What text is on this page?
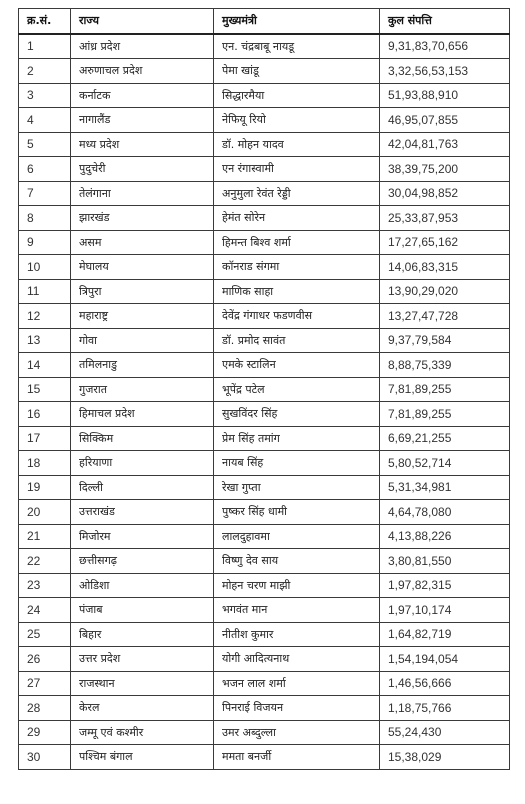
क्र.सं.	राज्य	मुख्यमंत्री	कुल संपत्ति
1	आंध्र प्रदेश	एन. चंद्रबाबू नायडू	9,31,83,70,656
2	अरुणाचल प्रदेश	पेमा खांडू	3,32,56,53,153
3	कर्नाटक	सिद्धारमैया	51,93,88,910
4	नागालैंड	नेफियू रियो	46,95,07,855
5	मध्य प्रदेश	डॉ. मोहन यादव	42,04,81,763
6	पुदुचेरी	एन रंगास्वामी	38,39,75,200
7	तेलंगाना	अनुमुला रेवंत रेड्डी	30,04,98,852
8	झारखंड	हेमंत सोरेन	25,33,87,953
9	असम	हिमन्त बिश्व शर्मा	17,27,65,162
10	मेघालय	कॉनराड संगमा	14,06,83,315
11	त्रिपुरा	माणिक साहा	13,90,29,020
12	महाराष्ट्र	देवेंद्र गंगाधर फडणवीस	13,27,47,728
13	गोवा	डॉ. प्रमोद सावंत	9,37,79,584
14	तमिलनाडु	एमके स्टालिन	8,88,75,339
15	गुजरात	भूपेंद्र पटेल	7,81,89,255
16	हिमाचल प्रदेश	सुखविंदर सिंह	7,81,89,255
17	सिक्किम	प्रेम सिंह तमांग	6,69,21,255
18	हरियाणा	नायब सिंह	5,80,52,714
19	दिल्ली	रेखा गुप्ता	5,31,34,981
20	उत्तराखंड	पुष्कर सिंह धामी	4,64,78,080
21	मिजोरम	लालदुहावमा	4,13,88,226
22	छत्तीसगढ़	विष्णु देव साय	3,80,81,550
23	ओडिशा	मोहन चरण माझी	1,97,82,315
24	पंजाब	भगवंत मान	1,97,10,174
25	बिहार	नीतीश कुमार	1,64,82,719
26	उत्तर प्रदेश	योगी आदित्यनाथ	1,54,194,054
27	राजस्थान	भजन लाल शर्मा	1,46,56,666
28	केरल	पिनराई विजयन	1,18,75,766
29	जम्मू एवं कश्मीर	उमर अब्दुल्ला	55,24,430
30	पश्चिम बंगाल	ममता बनर्जी	15,38,029
